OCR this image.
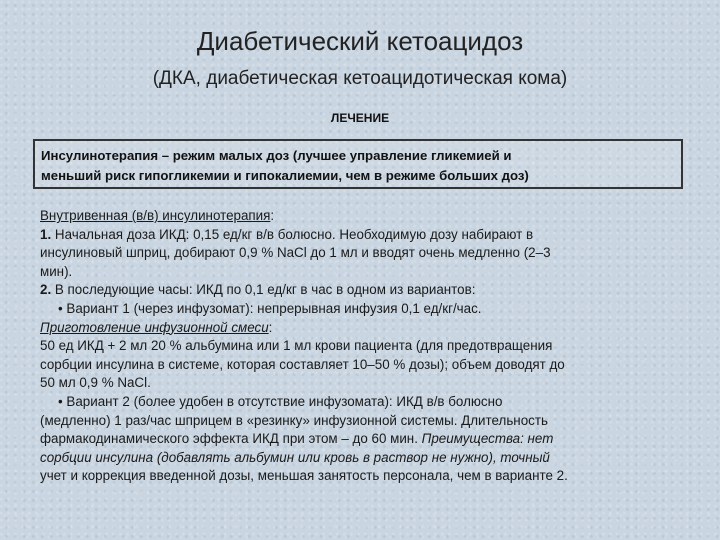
Диабетический кетоацидоз
(ДКА, диабетическая кетоацидотическая кома)
ЛЕЧЕНИЕ
Инсулинотерапия – режим малых доз (лучшее управление гликемией и
меньший риск гипогликемии и гипокалиемии, чем в режиме больших доз)
Внутривенная (в/в) инсулинотерапия:
1. Начальная доза ИКД: 0,15 ед/кг в/в болюсно. Необходимую дозу набирают в
инсулиновый шприц, добирают 0,9 % NaCl до 1 мл и вводят очень медленно (2–3
мин).
2. В последующие часы: ИКД по 0,1 ед/кг в час в одном из вариантов:
• Вариант 1 (через инфузомат): непрерывная инфузия 0,1 ед/кг/час.
Приготовление инфузионной смеси:
50 ед ИКД + 2 мл 20 % альбумина или 1 мл крови пациента (для предотвращения
сорбции инсулина в системе, которая составляет 10–50 % дозы); объем доводят до
50 мл 0,9 % NaCl.
• Вариант 2 (более удобен в отсутствие инфузомата): ИКД в/в болюсно
(медленно) 1 раз/час шприцем в «резинку» инфузионной системы. Длительность
фармакодинамического эффекта ИКД при этом – до 60 мин. Преимущества: нет
сорбции инсулина (добавлять альбумин или кровь в раствор не нужно), точный
учет и коррекция введенной дозы, меньшая занятость персонала, чем в варианте 2.
